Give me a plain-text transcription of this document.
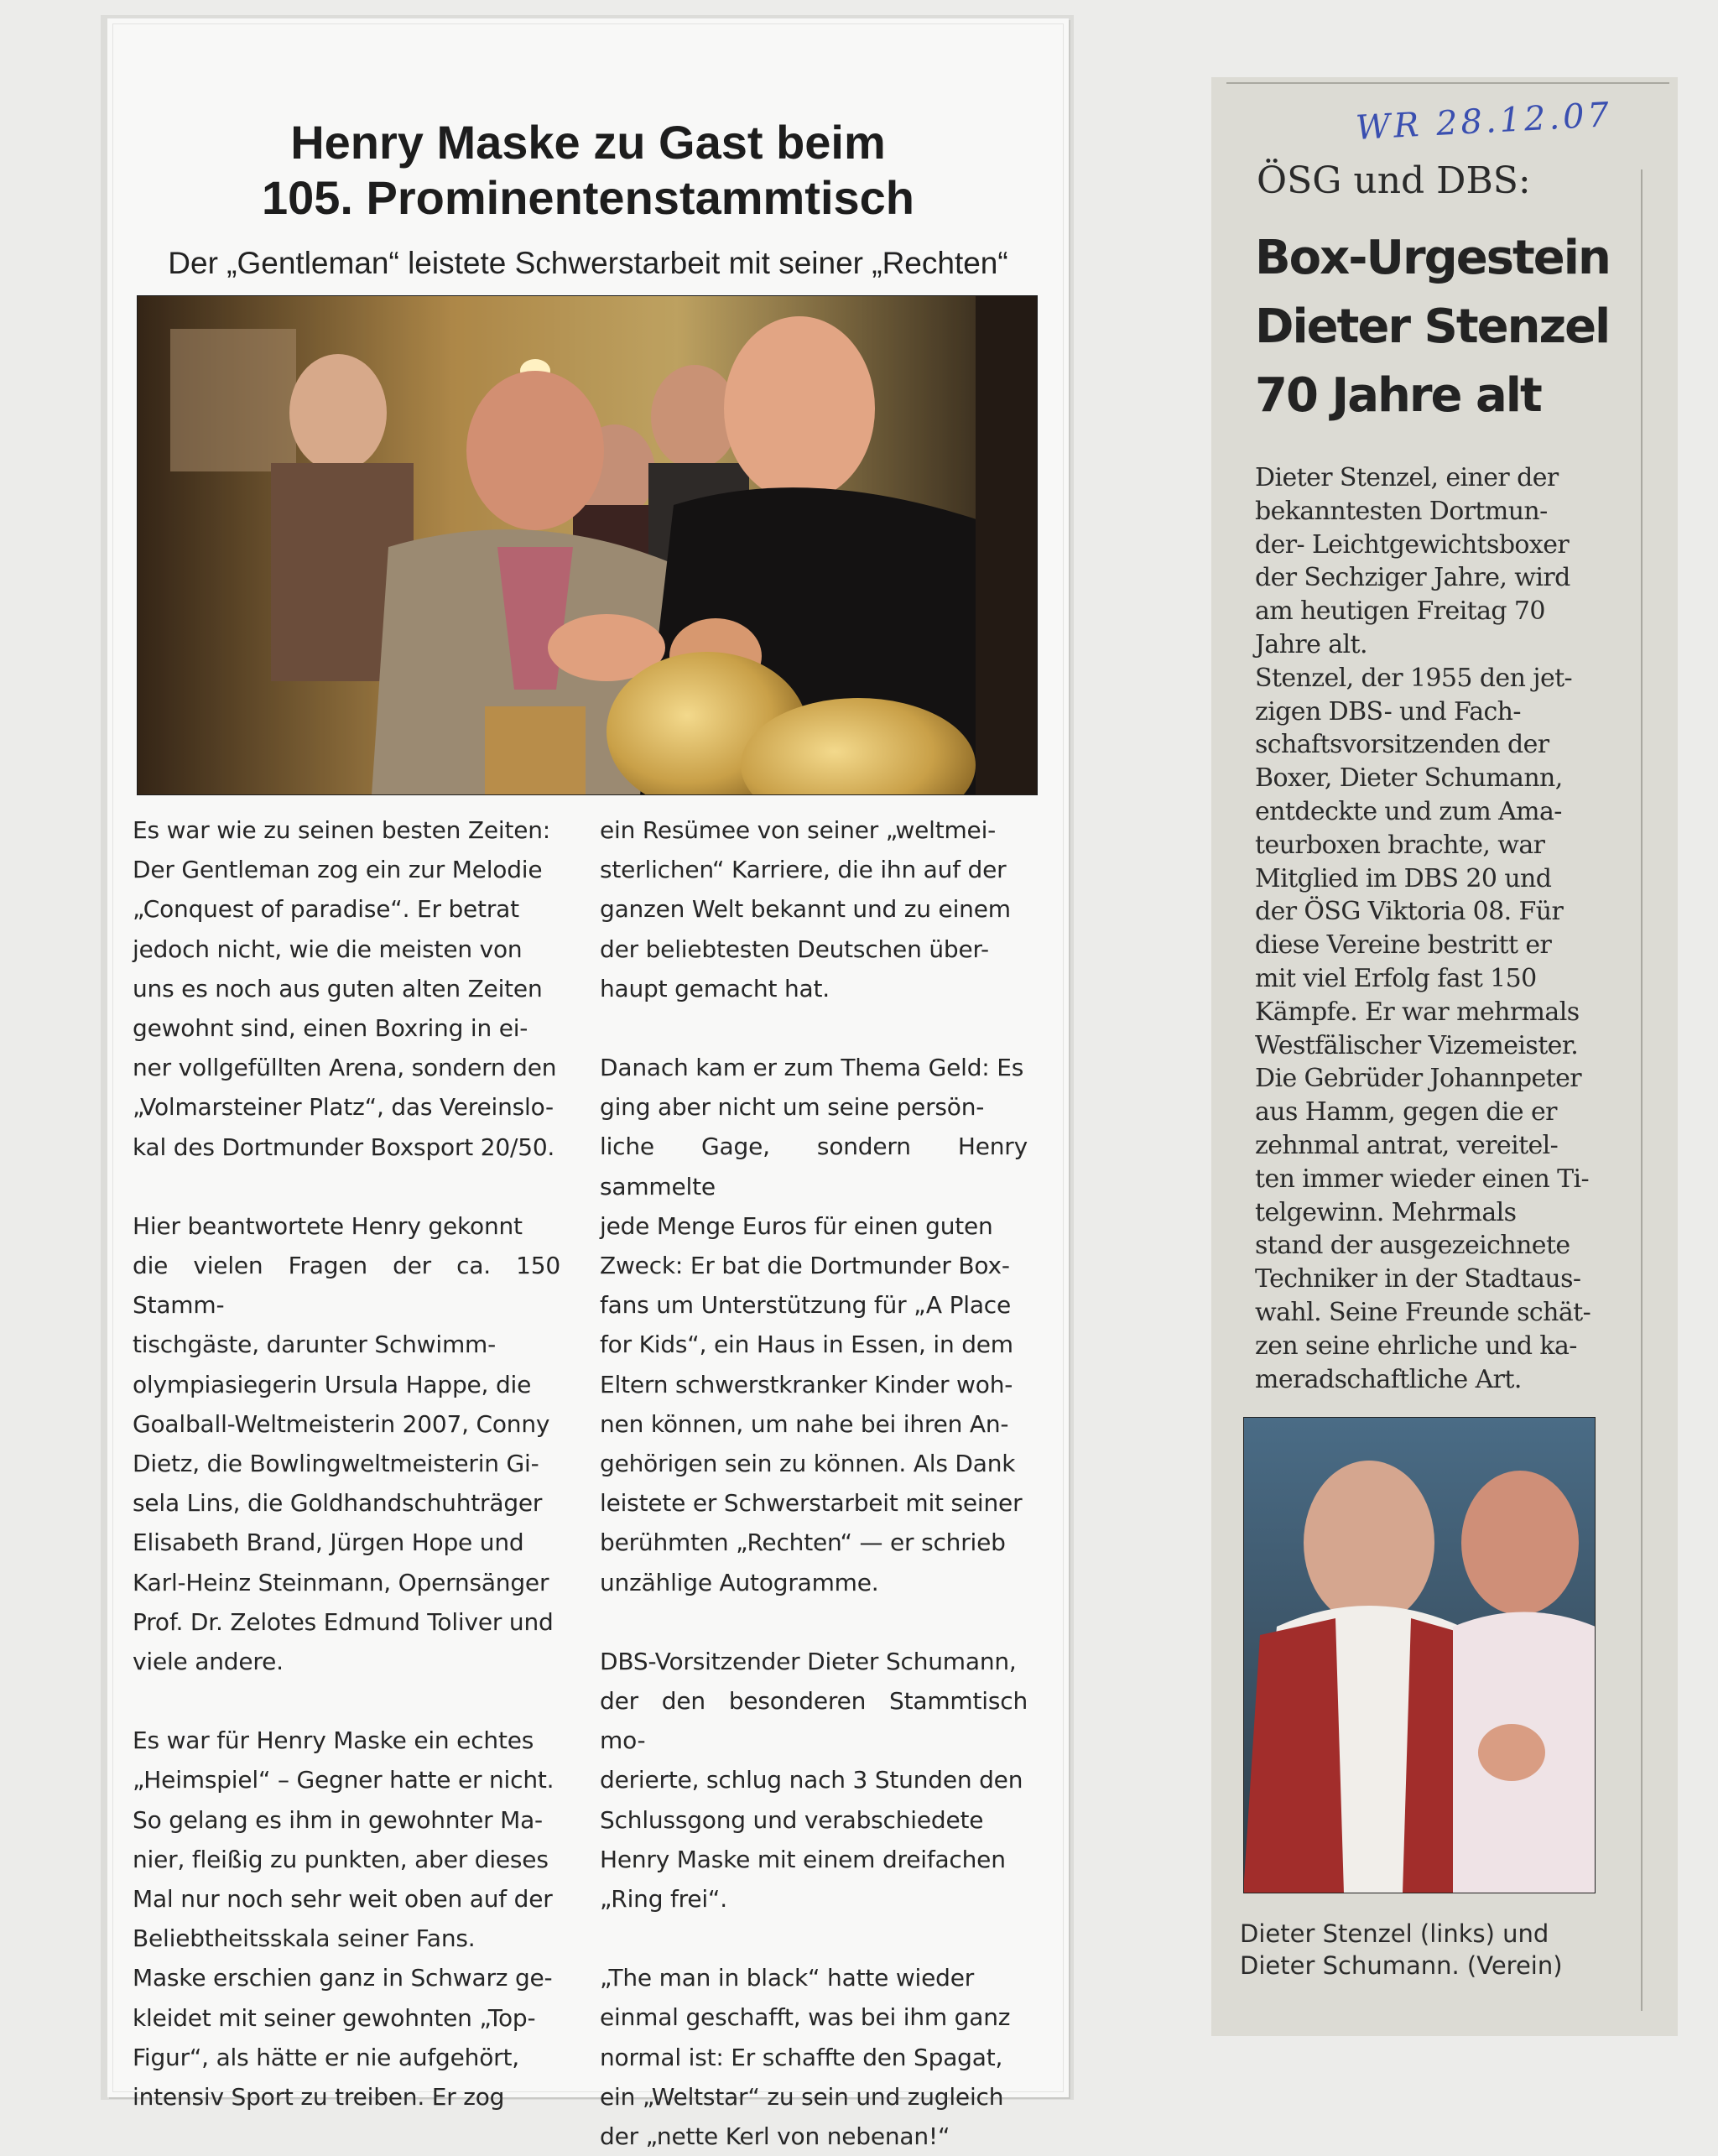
Henry Maske zu Gast beim
105. Prominentenstammtisch
Der „Gentleman“ leistete Schwerstarbeit mit seiner „Rechten“

Es war wie zu seinen besten Zeiten:

Der Gentleman zog ein zur Melodie

„Conquest of paradise“. Er betrat

jedoch nicht, wie die meisten von

uns es noch aus guten alten Zeiten

gewohnt sind, einen Boxring in ei-

ner vollgefüllten Arena, sondern den

„Volmarsteiner Platz“, das Vereinslo-

kal des Dortmunder Boxsport 20/50.

Hier beantwortete Henry gekonnt

die vielen Fragen der ca. 150 Stamm-

tischgäste, darunter Schwimm-

olympiasiegerin Ursula Happe, die

Goalball-Weltmeisterin 2007, Conny

Dietz, die Bowlingweltmeisterin Gi-

sela Lins, die Goldhandschuhträger

Elisabeth Brand, Jürgen Hope und

Karl-Heinz Steinmann, Opernsänger

Prof. Dr. Zelotes Edmund Toliver und

viele andere.

Es war für Henry Maske ein echtes

„Heimspiel“ – Gegner hatte er nicht.

So gelang es ihm in gewohnter Ma-

nier, fleißig zu punkten, aber dieses

Mal nur noch sehr weit oben auf der

Beliebtheitsskala seiner Fans.

Maske erschien ganz in Schwarz ge-

kleidet mit seiner gewohnten „Top-

Figur“, als hätte er nie aufgehört,

intensiv Sport zu treiben. Er zog

ein Resümee von seiner „weltmei-

sterlichen“ Karriere, die ihn auf der

ganzen Welt bekannt und zu einem

der beliebtesten Deutschen über-

haupt gemacht hat.

Danach kam er zum Thema Geld: Es

ging aber nicht um seine persön-

liche Gage, sondern Henry sammelte

jede Menge Euros für einen guten

Zweck: Er bat die Dortmunder Box-

fans um Unterstützung für „A Place

for Kids“, ein Haus in Essen, in dem

Eltern schwerstkranker Kinder woh-

nen können, um nahe bei ihren An-

gehörigen sein zu können. Als Dank

leistete er Schwerstarbeit mit seiner

berühmten „Rechten“ — er schrieb

unzählige Autogramme.

DBS-Vorsitzender Dieter Schumann,

der den besonderen Stammtisch mo-

derierte, schlug nach 3 Stunden den

Schlussgong und verabschiedete

Henry Maske mit einem dreifachen

„Ring frei“.

„The man in black“ hatte wieder

einmal geschafft, was bei ihm ganz

normal ist: Er schaffte den Spagat,

ein „Weltstar“ zu sein und zugleich

der „nette Kerl von nebenan!“

WR 28.12.07
ÖSG und DBS:
Box-Urgestein
Dieter Stenzel
70 Jahre alt

Dieter Stenzel, einer der

bekanntesten Dortmun-

der- Leichtgewichtsboxer

der Sechziger Jahre, wird

am heutigen Freitag 70

Jahre alt.

Stenzel, der 1955 den jet-

zigen DBS- und Fach-

schaftsvorsitzenden der

Boxer, Dieter Schumann,

entdeckte und zum Ama-

teurboxen brachte, war

Mitglied im DBS 20 und

der ÖSG Viktoria 08. Für

diese Vereine bestritt er

mit viel Erfolg fast 150

Kämpfe. Er war mehrmals

Westfälischer Vizemeister.

Die Gebrüder Johannpeter

aus Hamm, gegen die er

zehnmal antrat, vereitel-

ten immer wieder einen Ti-

telgewinn. Mehrmals

stand der ausgezeichnete

Techniker in der Stadtaus-

wahl. Seine Freunde schät-

zen seine ehrliche und ka-

meradschaftliche Art.

Dieter Stenzel (links) und

Dieter Schumann. (Verein)
